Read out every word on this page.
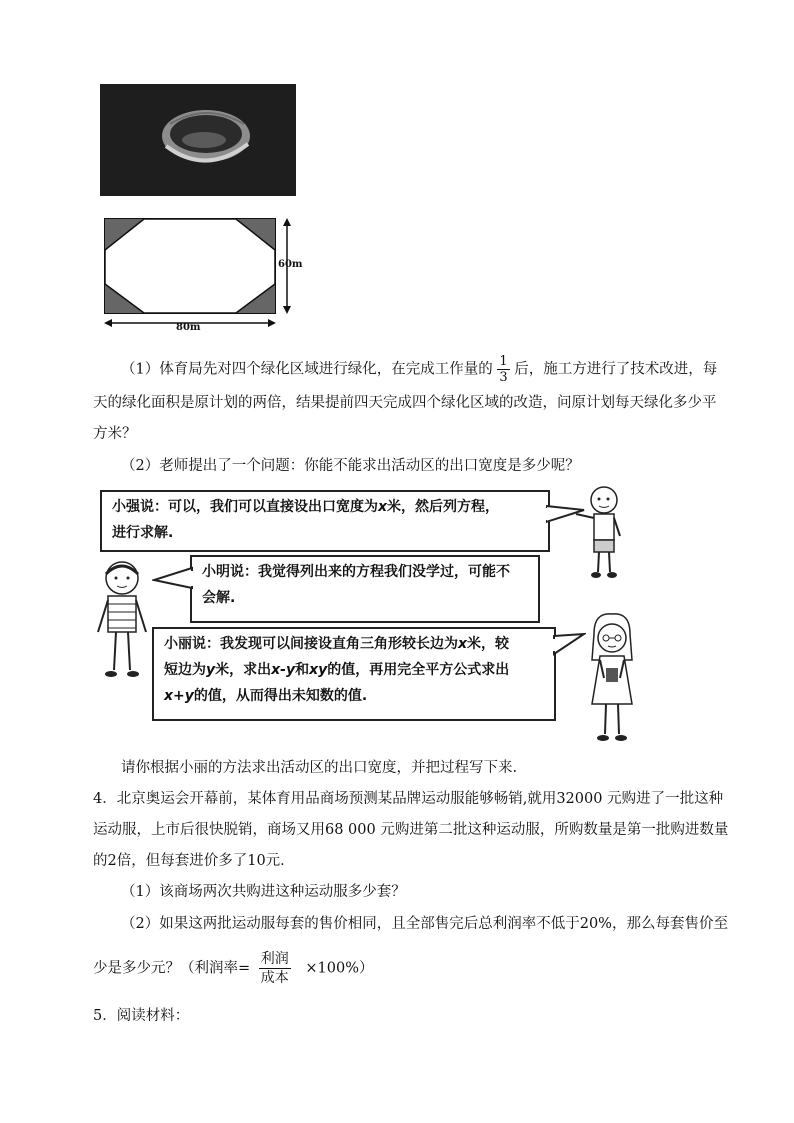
60m
80m
（1）体育局先对四个绿化区域进行绿化，在完成工作量的 $\frac{1}{3}$ 后，施工方进行了技术改进，每
天的绿化面积是原计划的两倍，结果提前四天完成四个绿化区域的改造，问原计划每天绿化多少平
方米？
（2）老师提出了一个问题：你能不能求出活动区的出口宽度是多少呢？
小强说：可以，我们可以直接设出口宽度为x米，然后列方程，
进行求解.
小明说：我觉得列出来的方程我们没学过，可能不
会解.
小丽说：我发现可以间接设直角三角形较长边为x米，较
短边为y米，求出x-y和xy的值，再用完全平方公式求出
x+y的值，从而得出未知数的值.
请你根据小丽的方法求出活动区的出口宽度，并把过程写下来.
4．北京奥运会开幕前，某体育用品商场预测某品牌运动服能够畅销,就用32000 元购进了一批这种
运动服，上市后很快脱销，商场又用68 000 元购进第二批这种运动服，所购数量是第一批购进数量
的2倍，但每套进价多了10元．
（1）该商场两次共购进这种运动服多少套？
（2）如果这两批运动服每套的售价相同，且全部售完后总利润率不低于20%，那么每套售价至
少是多少元？（利润率= $\frac{\text{利润}}{\text{成本}} \times 100\%$）
5．阅读材料：
